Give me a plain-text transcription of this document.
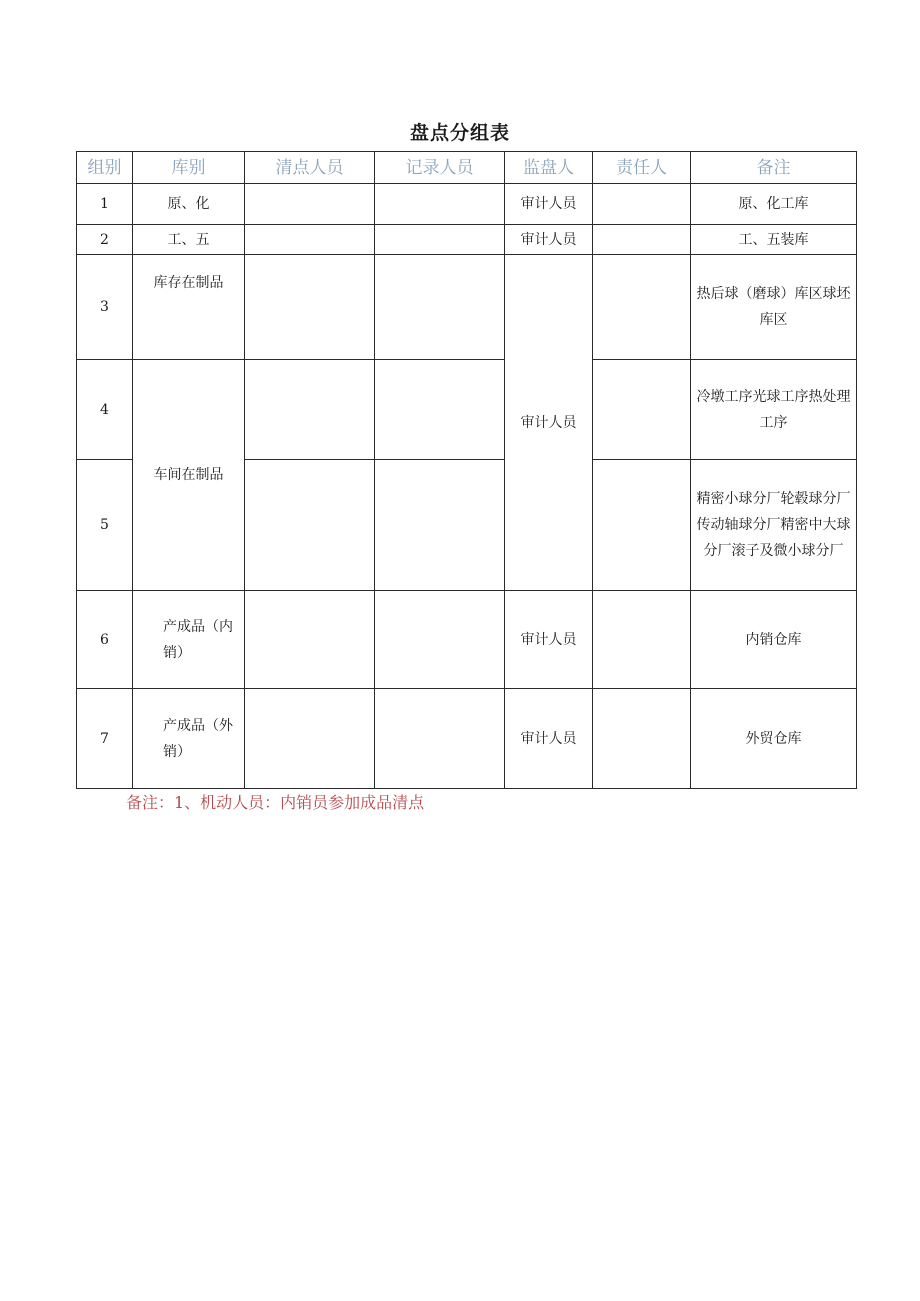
盘点分组表
组别	库别	清点人员	记录人员	监盘人	责任人	备注
1	原、化			审计人员		原、化工库
2	工、五			审计人员		工、五装库
3	库存在制品			审计人员		热后球（磨球）库区球坯库区
4	车间在制品					冷墩工序光球工序热处理工序
5						精密小球分厂轮毂球分厂传动轴球分厂精密中大球分厂滚子及微小球分厂
6	产成品（内销）			审计人员		内销仓库
7	产成品（外销）			审计人员		外贸仓库
备注：1、机动人员：内销员参加成品清点
